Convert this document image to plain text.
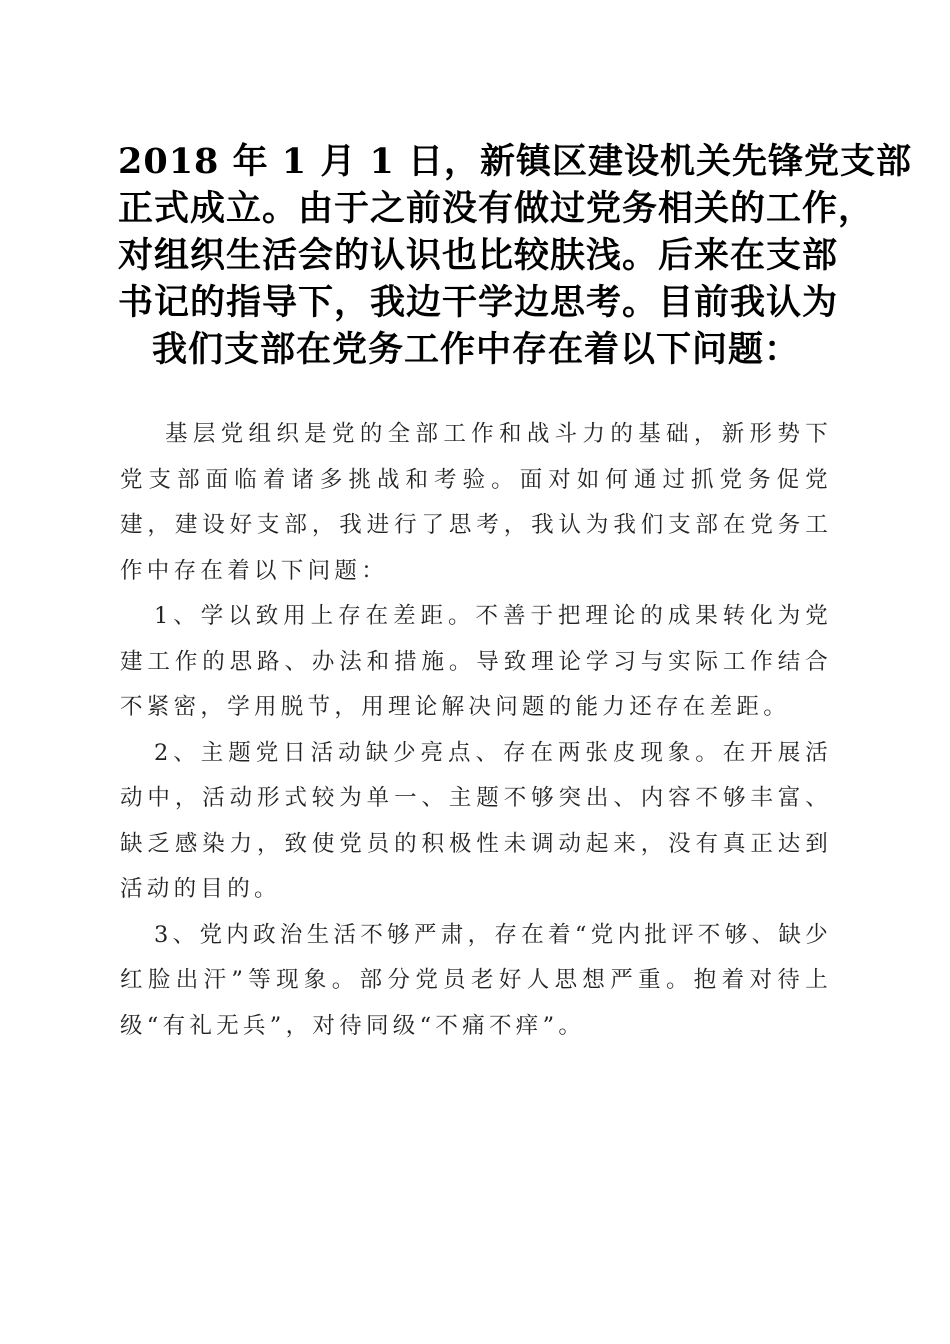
2018 年 1 月 1 日，新镇区建设机关先锋党支部
正式成立。由于之前没有做过党务相关的工作，
对组织生活会的认识也比较肤浅。后来在支部
书记的指导下，我边干学边思考。目前我认为
我们支部在党务工作中存在着以下问题：

基层党组织是党的全部工作和战斗力的基础，新形势下党支部面临着诸多挑战和考验。面对如何通过抓党务促党建，建设好支部，我进行了思考，我认为我们支部在党务工作中存在着以下问题：

1、学以致用上存在差距。不善于把理论的成果转化为党建工作的思路、办法和措施。导致理论学习与实际工作结合不紧密，学用脱节，用理论解决问题的能力还存在差距。

2、主题党日活动缺少亮点、存在两张皮现象。在开展活动中，活动形式较为单一、主题不够突出、内容不够丰富、缺乏感染力，致使党员的积极性未调动起来，没有真正达到活动的目的。

3、党内政治生活不够严肃，存在着“党内批评不够、缺少红脸出汗”等现象。部分党员老好人思想严重。抱着对待上级“有礼无兵”，对待同级“不痛不痒”。
